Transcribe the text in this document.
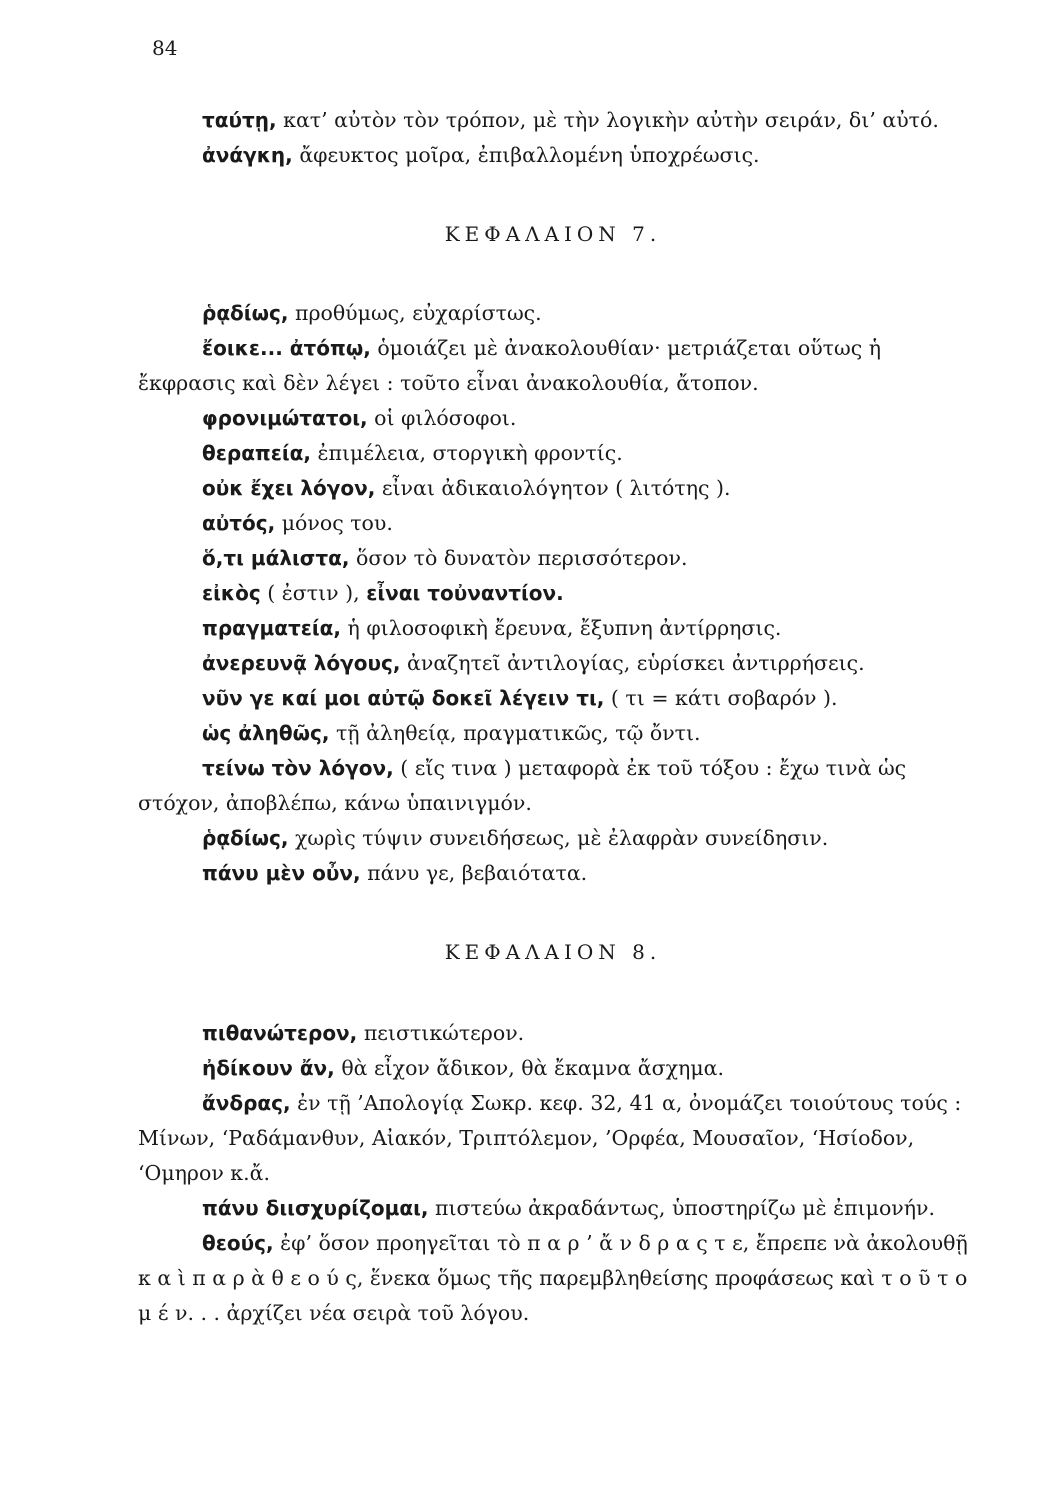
84

ταύτῃ, κατ’ αὐτὸν τὸν τρόπον, μὲ τὴν λογικὴν αὐτὴν σειράν, δι’ αὐτό.

ἀνάγκη, ἄφευκτος μοῖρα, ἐπιβαλλομένη ὑποχρέωσις.

ΚΕΦΑΛΑΙΟΝ 7.

ῥᾳδίως, προθύμως, εὐχαρίστως.

ἔοικε... ἀτόπῳ, ὁμοιάζει μὲ ἀνακολουθίαν· μετριάζεται οὕτως ἡ ἔκφρασις καὶ δὲν λέγει : τοῦτο εἶναι ἀνακολουθία, ἄτοπον.

φρονιμώτατοι, οἱ φιλόσοφοι.

θεραπεία, ἐπιμέλεια, στοργικὴ φροντίς.

οὐκ ἔχει λόγον, εἶναι ἀδικαιολόγητον ( λιτότης ).

αὐτός, μόνος του.

ὅ,τι μάλιστα, ὅσον τὸ δυνατὸν περισσότερον.

εἰκὸς ( ἐστιν ), εἶναι τοὐναντίον.

πραγματεία, ἡ φιλοσοφικὴ ἔρευνα, ἔξυπνη ἀντίρρησις.

ἀνερευνᾷ λόγους, ἀναζητεῖ ἀντιλογίας, εὑρίσκει ἀντιρρήσεις.

νῦν γε καί μοι αὐτῷ δοκεῖ λέγειν τι, ( τι = κάτι σοβαρόν ).

ὡς ἀληθῶς, τῇ ἀληθείᾳ, πραγματικῶς, τῷ ὄντι.

τείνω τὸν λόγον, ( εἴς τινα ) μεταφορὰ ἐκ τοῦ τόξου : ἔχω τινὰ ὡς στόχον, ἀποβλέπω, κάνω ὑπαινιγμόν.

ῥᾳδίως, χωρὶς τύψιν συνειδήσεως, μὲ ἐλαφρὰν συνείδησιν.

πάνυ μὲν οὖν, πάνυ γε, βεβαιότατα.

ΚΕΦΑΛΑΙΟΝ 8.

πιθανώτερον, πειστικώτερον.

ἠδίκουν ἄν, θὰ εἶχον ἄδικον, θὰ ἔκαμνα ἄσχημα.

ἄνδρας, ἐν τῇ ’Απολογίᾳ Σωκρ. κεφ. 32, 41 α, ὀνομάζει τοιούτους τούς : Μίνων, ‘Ραδάμανθυν, Αἰακόν, Τριπτόλεμον, ’Ορφέα, Μουσαῖον, ‘Ησίοδον, ‘Ομηρον κ.ἄ.

πάνυ διισχυρίζομαι, πιστεύω ἀκραδάντως, ὑποστηρίζω μὲ ἐπιμονήν.

θεούς, ἐφ’ ὅσον προηγεῖται τὸ π α ρ ’ ἄ ν δ ρ α ς τ ε, ἔπρεπε νὰ ἀκολουθῇ κ α ὶ π α ρ ὰ θ ε ο ύ ς, ἕνεκα ὅμως τῆς παρεμβληθείσης προφάσεως καὶ τ ο ῦ τ ο μ έ ν. . . ἀρχίζει νέα σειρὰ τοῦ λόγου.
